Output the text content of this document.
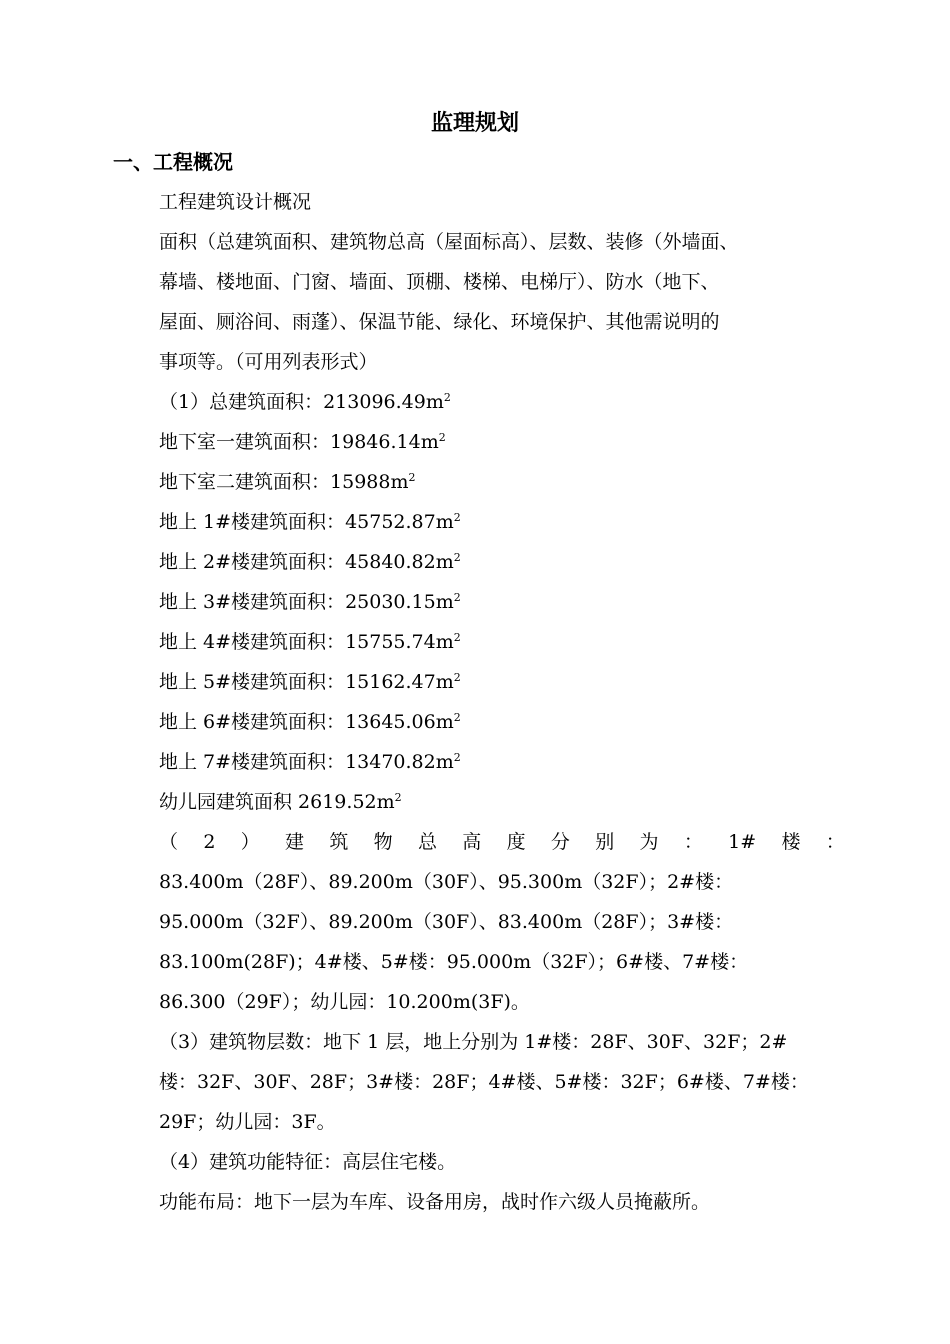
监理规划
一、工程概况
工程建筑设计概况
面积（总建筑面积、建筑物总高（屋面标高）、层数、装修（外墙面、
幕墙、楼地面、门窗、墙面、顶棚、楼梯、电梯厅）、防水（地下、
屋面、厕浴间、雨蓬）、保温节能、绿化、环境保护、其他需说明的
事项等。（可用列表形式）
（1）总建筑面积：$213096.49m^2$
地下室一建筑面积：$19846.14m^2$
地下室二建筑面积：$15988m^2$
地上 1#楼建筑面积：$45752.87m^2$
地上 2#楼建筑面积：$45840.82m^2$
地上 3#楼建筑面积：$25030.15m^2$
地上 4#楼建筑面积：$15755.74m^2$
地上 5#楼建筑面积：$15162.47m^2$
地上 6#楼建筑面积：$13645.06m^2$
地上 7#楼建筑面积：$13470.82m^2$
幼儿园建筑面积 $2619.52m^2$
（ 2 ） 建 筑 物 总 高 度 分 别 为 ： 1# 楼 ：
83.400m（28F）、89.200m（30F）、95.300m（32F）；2#楼：
95.000m（32F）、89.200m（30F）、83.400m（28F）；3#楼：
83.100m(28F)；4#楼、5#楼：95.000m（32F）；6#楼、7#楼：
86.300（29F）；幼儿园：10.200m(3F)。
（3）建筑物层数：地下 1 层，地上分别为 1#楼：28F、30F、32F；2#
楼：32F、30F、28F；3#楼：28F；4#楼、5#楼：32F；6#楼、7#楼：
29F；幼儿园：3F。
（4）建筑功能特征：高层住宅楼。
功能布局：地下一层为车库、设备用房，战时作六级人员掩蔽所。
